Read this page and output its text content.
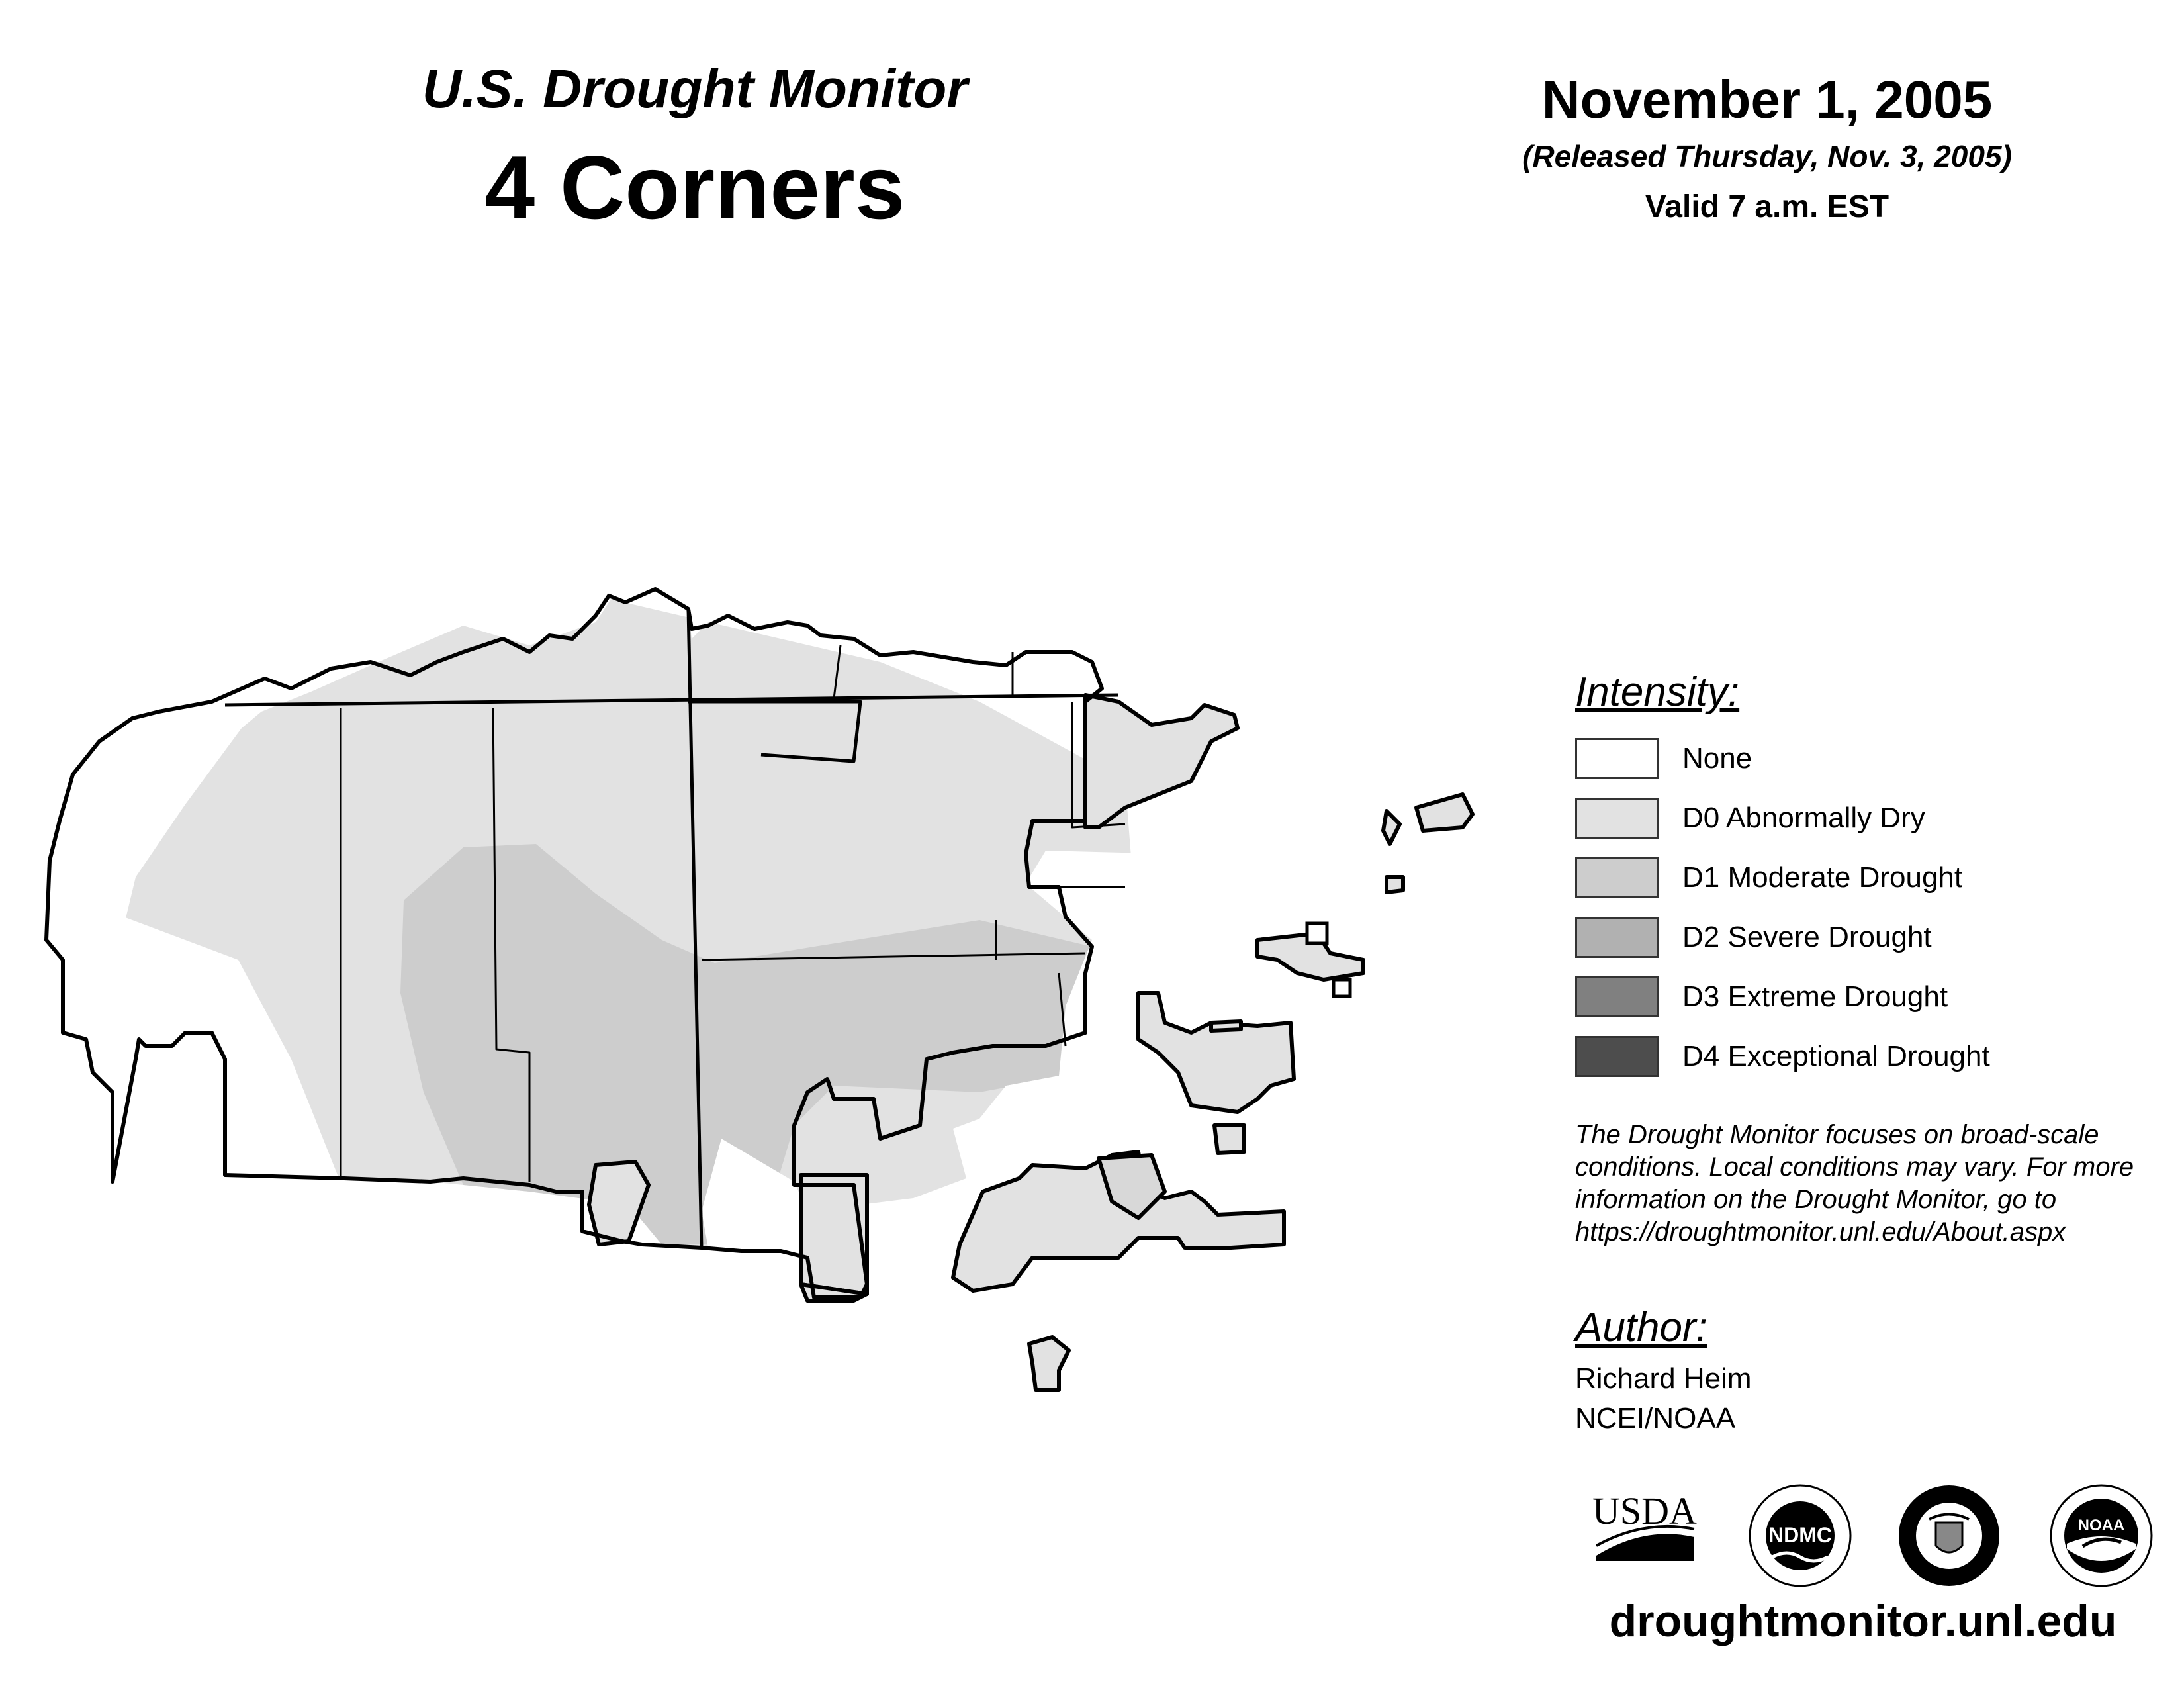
U.S. Drought Monitor
4 Corners
November 1, 2005
(Released Thursday, Nov. 3, 2005)
Valid 7 a.m. EST
Intensity:
None
D0 Abnormally Dry
D1 Moderate Drought
D2 Severe Drought
D3 Extreme Drought
D4 Exceptional Drought
The Drought Monitor focuses on broad-scale conditions. Local conditions may vary. For more information on the Drought Monitor, go to https://droughtmonitor.unl.edu/About.aspx
Author:
Richard Heim
NCEI/NOAA
USDA
NDMC	NOAA
droughtmonitor.unl.edu
